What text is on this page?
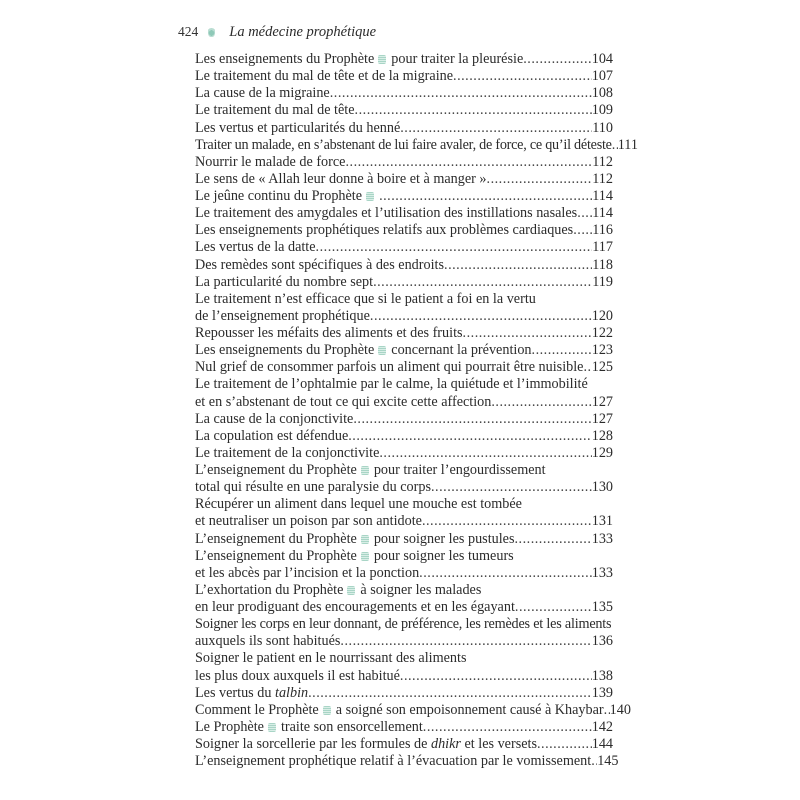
424 La médecine prophétique
Les enseignements du Prophète pour traiter la pleurésie .....	104
Le traitement du mal de tête et de la migraine .....	107
La cause de la migraine .....	108
Le traitement du mal de tête .....	109
Les vertus et particularités du henné .....	110
Traiter un malade, en s’abstenant de lui faire avaler, de force, ce qu’il déteste ..... 111
Nourrir le malade de force .....	112
Le sens de « Allah leur donne à boire et à manger » .....	112
Le jeûne continu du Prophète .....	114
Le traitement des amygdales et l’utilisation des instillations nasales ..... 114
Les enseignements prophétiques relatifs aux problèmes cardiaques ..... 116
Les vertus de la datte .....	117
Des remèdes sont spécifiques à des endroits .....	118
La particularité du nombre sept .....	119
Le traitement n’est efficace que si le patient a foi en la vertu
de l’enseignement prophétique .....	120
Repousser les méfaits des aliments et des fruits .....	122
Les enseignements du Prophète concernant la prévention .....	123
Nul grief de consommer parfois un aliment qui pourrait être nuisible ..... 125
Le traitement de l’ophtalmie par le calme, la quiétude et l’immobilité
et en s’abstenant de tout ce qui excite cette affection .....	127
La cause de la conjonctivite .....	127
La copulation est défendue .....	128
Le traitement de la conjonctivite .....	129
L’enseignement du Prophète pour traiter l’engourdissement
total qui résulte en une paralysie du corps .....	130
Récupérer un aliment dans lequel une mouche est tombée
et neutraliser un poison par son antidote .....	131
L’enseignement du Prophète pour soigner les pustules .....	133
L’enseignement du Prophète pour soigner les tumeurs
et les abcès par l’incision et la ponction .....	133
L’exhortation du Prophète à soigner les malades
en leur prodiguant des encouragements et en les égayant .....	135
Soigner les corps en leur donnant, de préférence, les remèdes et les aliments
auxquels ils sont habitués .....	136
Soigner le patient en le nourrissant des aliments
les plus doux auxquels il est habitué .....	138
Les vertus du talbin .....	139
Comment le Prophète a soigné son empoisonnement causé à Khaybar ..... 140
Le Prophète traite son ensorcellement .....	142
Soigner la sorcellerie par les formules de dhikr et les versets .....	144
L’enseignement prophétique relatif à l’évacuation par le vomissement ..... 145
